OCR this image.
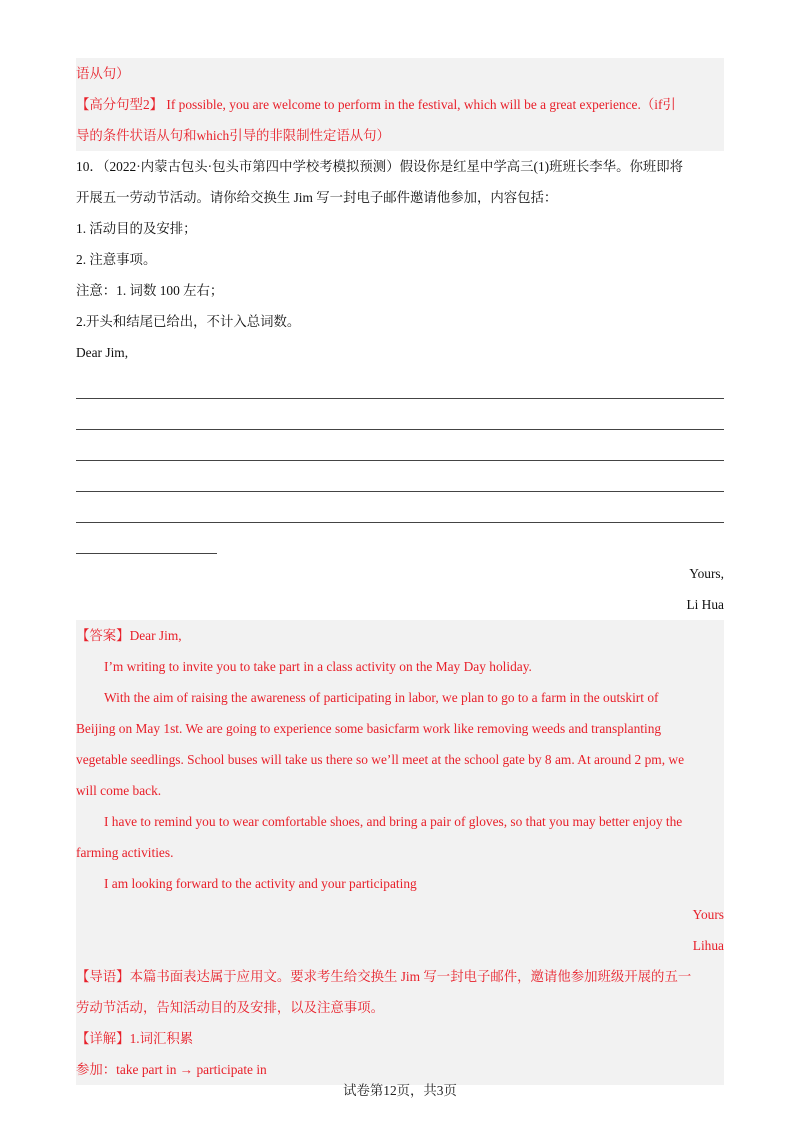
语从句）
【高分句型2】 If possible, you are welcome to perform in the festival, which will be a great experience.（if引
导的条件状语从句和which引导的非限制性定语从句）
10．（2022·内蒙古包头·包头市第四中学校考模拟预测）假设你是红星中学高三(1)班班长李华。你班即将
开展五一劳动节活动。请你给交换生 Jim 写一封电子邮件邀请他参加，内容包括：
1. 活动目的及安排；
2. 注意事项。
注意：1. 词数 100 左右；
2.开头和结尾已给出，不计入总词数。
Dear Jim,
Yours,
Li Hua
【答案】Dear Jim,
I’m writing to invite you to take part in a class activity on the May Day holiday.
With the aim of raising the awareness of participating in labor, we plan to go to a farm in the outskirt of
Beijing on May 1st. We are going to experience some basicfarm work like removing weeds and transplanting
vegetable seedlings. School buses will take us there so we’ll meet at the school gate by 8 am. At around 2 pm, we
will come back.
I have to remind you to wear comfortable shoes, and bring a pair of gloves, so that you may better enjoy the
farming activities.
I am looking forward to the activity and your participating
Yours
Lihua
【导语】本篇书面表达属于应用文。要求考生给交换生 Jim 写一封电子邮件，邀请他参加班级开展的五一
劳动节活动，告知活动目的及安排，以及注意事项。
【详解】1.词汇积累
参加：take part in → participate in
试卷第12页，共3页
